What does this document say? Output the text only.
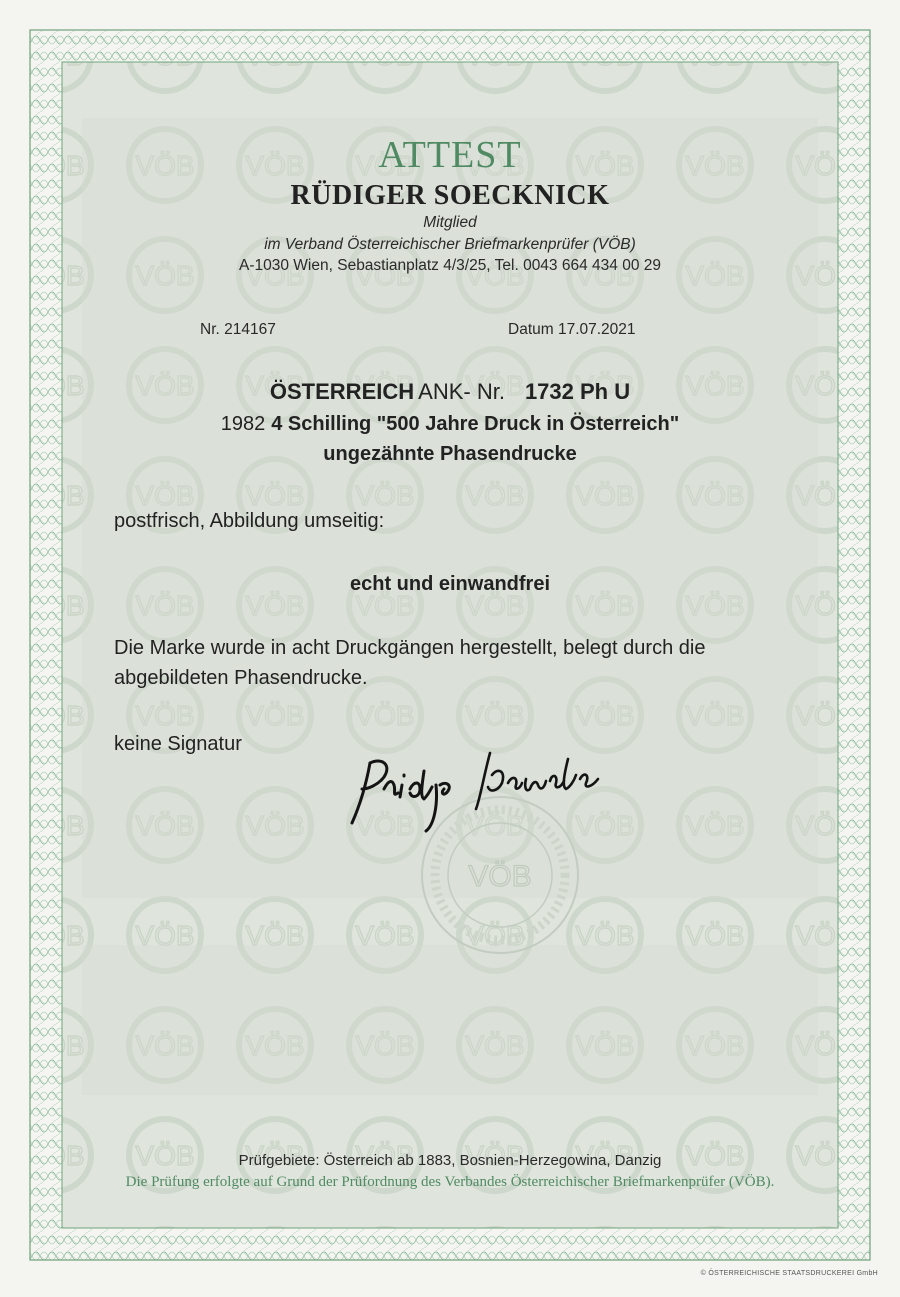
ATTEST
RÜDIGER SOECKNICK
Mitglied
im Verband Österreichischer Briefmarkenprüfer (VÖB)
A-1030 Wien, Sebastianplatz 4/3/25, Tel. 0043 664 434 00 29
Nr. 214167	Datum 17.07.2021
ÖSTERREICH ANK- Nr. 1732 Ph U
1982 4 Schilling "500 Jahre Druck in Österreich"
ungezähnte Phasendrucke
postfrisch, Abbildung umseitig:
echt und einwandfrei
Die Marke wurde in acht Druckgängen hergestellt, belegt durch die
abgebildeten Phasendrucke.
keine Signatur
VÖB
Prüfgebiete: Österreich ab 1883, Bosnien-Herzegowina, Danzig
Die Prüfung erfolgte auf Grund der Prüfordnung des Verbandes Österreichischer Briefmarkenprüfer (VÖB).
© ÖSTERREICHISCHE STAATSDRUCKEREI GmbH
